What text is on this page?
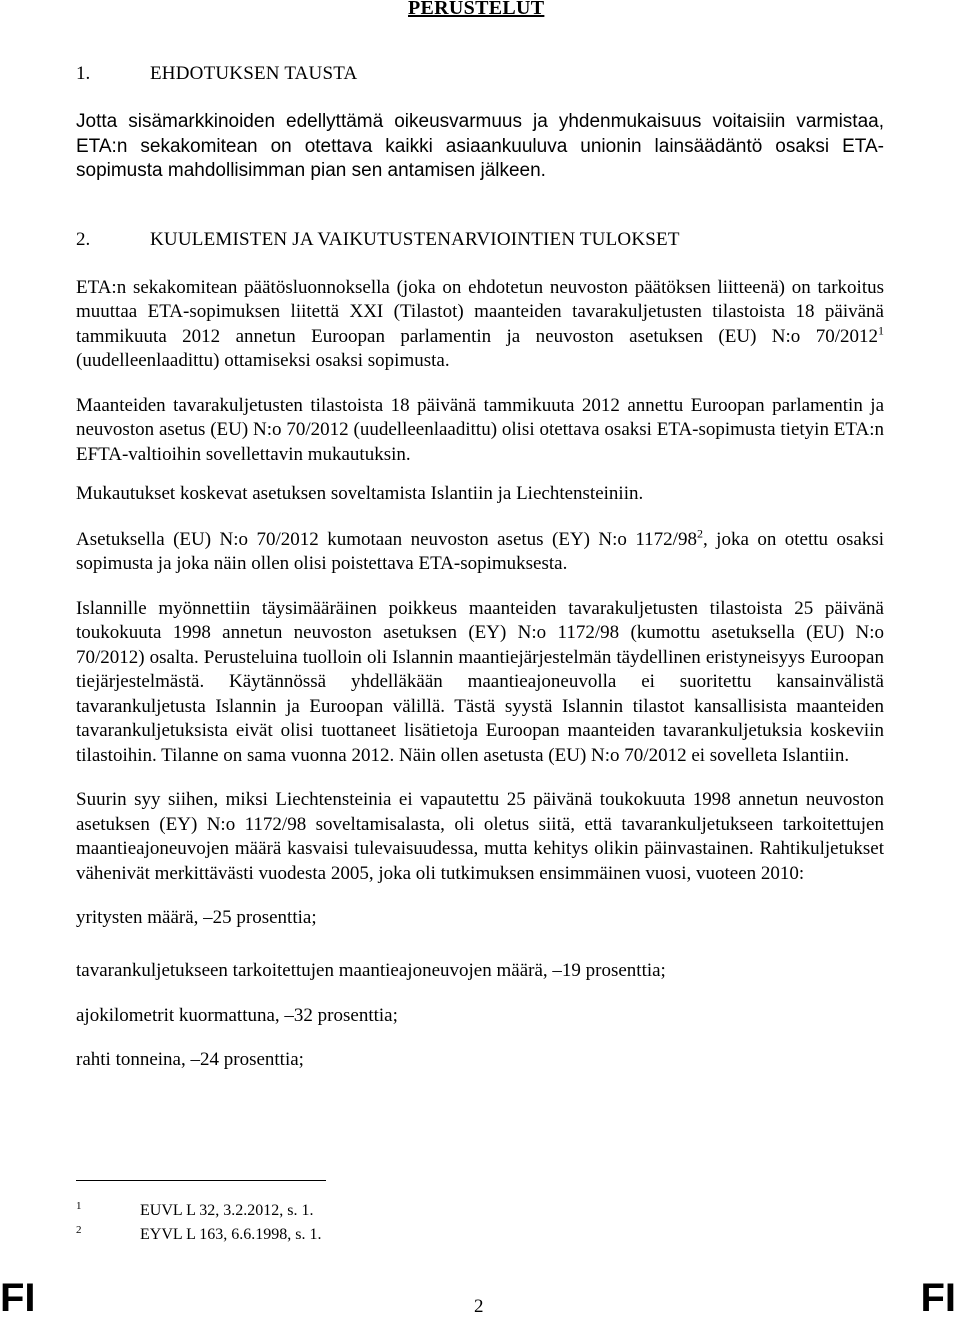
PERUSTELUT
1.	EHDOTUKSEN TAUSTA

Jotta sisämarkkinoiden edellyttämä oikeusvarmuus ja yhdenmukaisuus voitaisiin varmistaa, ETA:n sekakomitean on otettava kaikki asiaankuuluva unionin lainsäädäntö osaksi ETA-sopimusta mahdollisimman pian sen antamisen jälkeen.

2.	KUULEMISTEN JA VAIKUTUSTENARVIOINTIEN TULOKSET

ETA:n sekakomitean päätösluonnoksella (joka on ehdotetun neuvoston päätöksen liitteenä) on tarkoitus muuttaa ETA-sopimuksen liitettä XXI (Tilastot) maanteiden tavarakuljetusten tilastoista 18 päivänä tammikuuta 2012 annetun Euroopan parlamentin ja neuvoston asetuksen (EU) N:o 70/2012$^1$ (uudelleenlaadittu) ottamiseksi osaksi sopimusta.

Maanteiden tavarakuljetusten tilastoista 18 päivänä tammikuuta 2012 annettu Euroopan parlamentin ja neuvoston asetus (EU) N:o 70/2012 (uudelleenlaadittu) olisi otettava osaksi ETA-sopimusta tietyin ETA:n EFTA-valtioihin sovellettavin mukautuksin.

Mukautukset koskevat asetuksen soveltamista Islantiin ja Liechtensteiniin.

Asetuksella (EU) N:o 70/2012 kumotaan neuvoston asetus (EY) N:o $1172/98^2$, joka on otettu osaksi sopimusta ja joka näin ollen olisi poistettava ETA-sopimuksesta.

Islannille myönnettiin täysimääräinen poikkeus maanteiden tavarakuljetusten tilastoista 25 päivänä toukokuuta 1998 annetun neuvoston asetuksen (EY) N:o 1172/98 (kumottu asetuksella (EU) N:o 70/2012) osalta. Perusteluina tuolloin oli Islannin maantiejärjestelmän täydellinen eristyneisyys Euroopan tiejärjestelmästä. Käytännössä yhdelläkään maantieajoneuvolla ei suoritettu kansainvälistä tavarankuljetusta Islannin ja Euroopan välillä. Tästä syystä Islannin tilastot kansallisista maanteiden tavarankuljetuksista eivät olisi tuottaneet lisätietoja Euroopan maanteiden tavarankuljetuksia koskeviin tilastoihin. Tilanne on sama vuonna 2012. Näin ollen asetusta (EU) N:o 70/2012 ei sovelleta Islantiin.

Suurin syy siihen, miksi Liechtensteinia ei vapautettu 25 päivänä toukokuuta 1998 annetun neuvoston asetuksen (EY) N:o 1172/98 soveltamisalasta, oli oletus siitä, että tavarankuljetukseen tarkoitettujen maantieajoneuvojen määrä kasvaisi tulevaisuudessa, mutta kehitys olikin päinvastainen. Rahtikuljetukset vähenivät merkittävästi vuodesta 2005, joka oli tutkimuksen ensimmäinen vuosi, vuoteen 2010:

yritysten määrä, –25 prosenttia;

tavarankuljetukseen tarkoitettujen maantieajoneuvojen määrä, –19 prosenttia;

ajokilometrit kuormattuna, –32 prosenttia;

rahti tonneina, –24 prosenttia;

1	EUVL L 32, 3.2.2012, s. 1.
2	EYVL L 163, 6.6.1998, s. 1.
FI	2	FI
